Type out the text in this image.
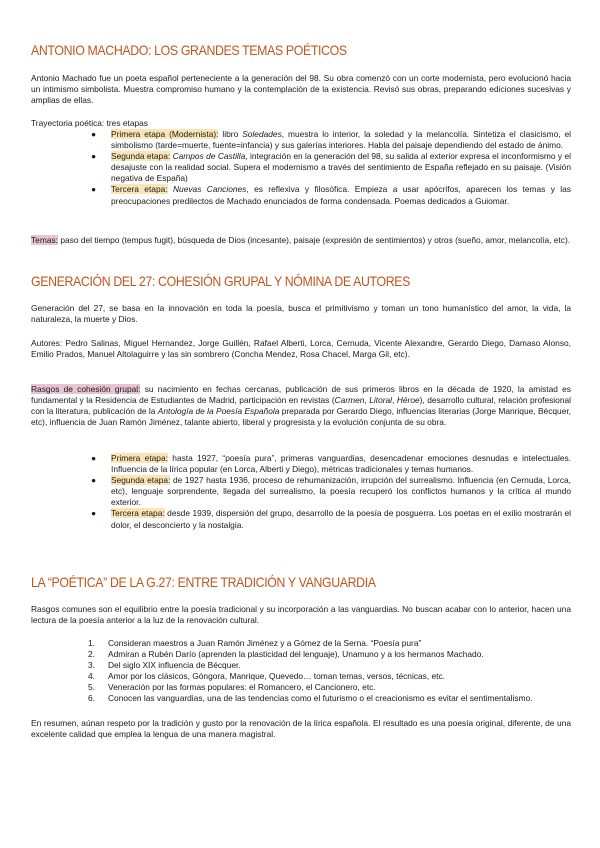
ANTONIO MACHADO: LOS GRANDES TEMAS POÉTICOS
Antonio Machado fue un poeta español perteneciente a la generación del 98. Su obra comenzó con un corte modernista, pero evolucionó hacia un intimismo simbolista. Muestra compromiso humano y la contemplación de la existencia. Revisó sus obras, preparando ediciones sucesivas y amplias de ellas.
Trayectoria poética: tres etapas
● Primera etapa (Modernista): libro Soledades, muestra lo interior, la soledad y la melancolía. Sintetiza el clasicismo, el simbolismo (tarde=muerte, fuente=infancia) y sus galerías interiores. Habla del paisaje dependiendo del estado de ánimo.
● Segunda etapa: Campos de Castilla, integración en la generación del 98, su salida al exterior expresa el inconformismo y el desajuste con la realidad social. Supera el modernismo a través del sentimiento de España reflejado en su paisaje. (Visión negativa de España)
● Tercera etapa: Nuevas Canciones, es reflexiva y filosófica. Empieza a usar apócrifos, aparecen los temas y las preocupaciones predilectos de Machado enunciados de forma condensada. Poemas dedicados a Guiomar.
Temas: paso del tiempo (tempus fugit), búsqueda de Dios (incesante), paisaje (expresión de sentimientos) y otros (sueño, amor, melancolía, etc).
GENERACIÓN DEL 27: COHESIÓN GRUPAL Y NÓMINA DE AUTORES
Generación del 27, se basa en la innovación en toda la poesía, busca el primitivismo y toman un tono humanístico del amor, la vida, la naturaleza, la muerte y Dios.
Autores: Pedro Salinas, Miguel Hernandez, Jorge Guillén, Rafael Alberti, Lorca, Cernuda, Vicente Alexandre, Gerardo Diego, Damaso Alonso, Emilio Prados, Manuel Altolaguirre y las sin sombrero (Concha Mendez, Rosa Chacel, Marga Gil, etc).
Rasgos de cohesión grupal: su nacimiento en fechas cercanas, publicación de sus primeros libros en la década de 1920, la amistad es fundamental y la Residencia de Estudiantes de Madrid, participación en revistas (Carmen, Litoral, Héroe), desarrollo cultural, relación profesional con la literatura, publicación de la Antología de la Poesía Española preparada por Gerardo Diego, influencias literarias (Jorge Manrique, Bécquer, etc), influencia de Juan Ramón Jiménez, talante abierto, liberal y progresista y la evolución conjunta de su obra.
● Primera etapa: hasta 1927, “poesía pura”, primeras vanguardias, desencadenar emociones desnudas e intelectuales. Influencia de la lírica popular (en Lorca, Alberti y Diego), métricas tradicionales y temas humanos.
● Segunda etapa: de 1927 hasta 1936, proceso de rehumanización, irrupción del surrealismo. Influencia (en Cernuda, Lorca, etc), lenguaje sorprendente, llegada del surrealismo, la poesía recuperó los conflictos humanos y la crítica al mundo exterior.
● Tercera etapa: desde 1939, dispersión del grupo, desarrollo de la poesía de posguerra. Los poetas en el exilio mostrarán el dolor, el desconcierto y la nostalgia.
LA “POÉTICA” DE LA G.27: ENTRE TRADICIÓN Y VANGUARDIA
Rasgos comunes son el equilibrio entre la poesía tradicional y su incorporación a las vanguardias. No buscan acabar con lo anterior, hacen una lectura de la poesía anterior a la luz de la renovación cultural.
1. Consideran maestros a Juan Ramón Jiménez y a Gómez de la Serna. “Poesía pura”
2. Admiran a Rubén Darío (aprenden la plasticidad del lenguaje), Unamuno y a los hermanos Machado.
3. Del siglo XIX influencia de Bécquer.
4. Amor por los clásicos, Góngora, Manrique, Quevedo… toman temas, versos, técnicas, etc.
5. Veneración por las formas populares: el Romancero, el Cancionero, etc.
6. Conocen las vanguardias, una de las tendencias como el futurismo o el creacionismo es evitar el sentimentalismo.
En resumen, aúnan respeto por la tradición y gusto por la renovación de la lírica española. El resultado es una poesía original, diferente, de una excelente calidad que emplea la lengua de una manera magistral.
